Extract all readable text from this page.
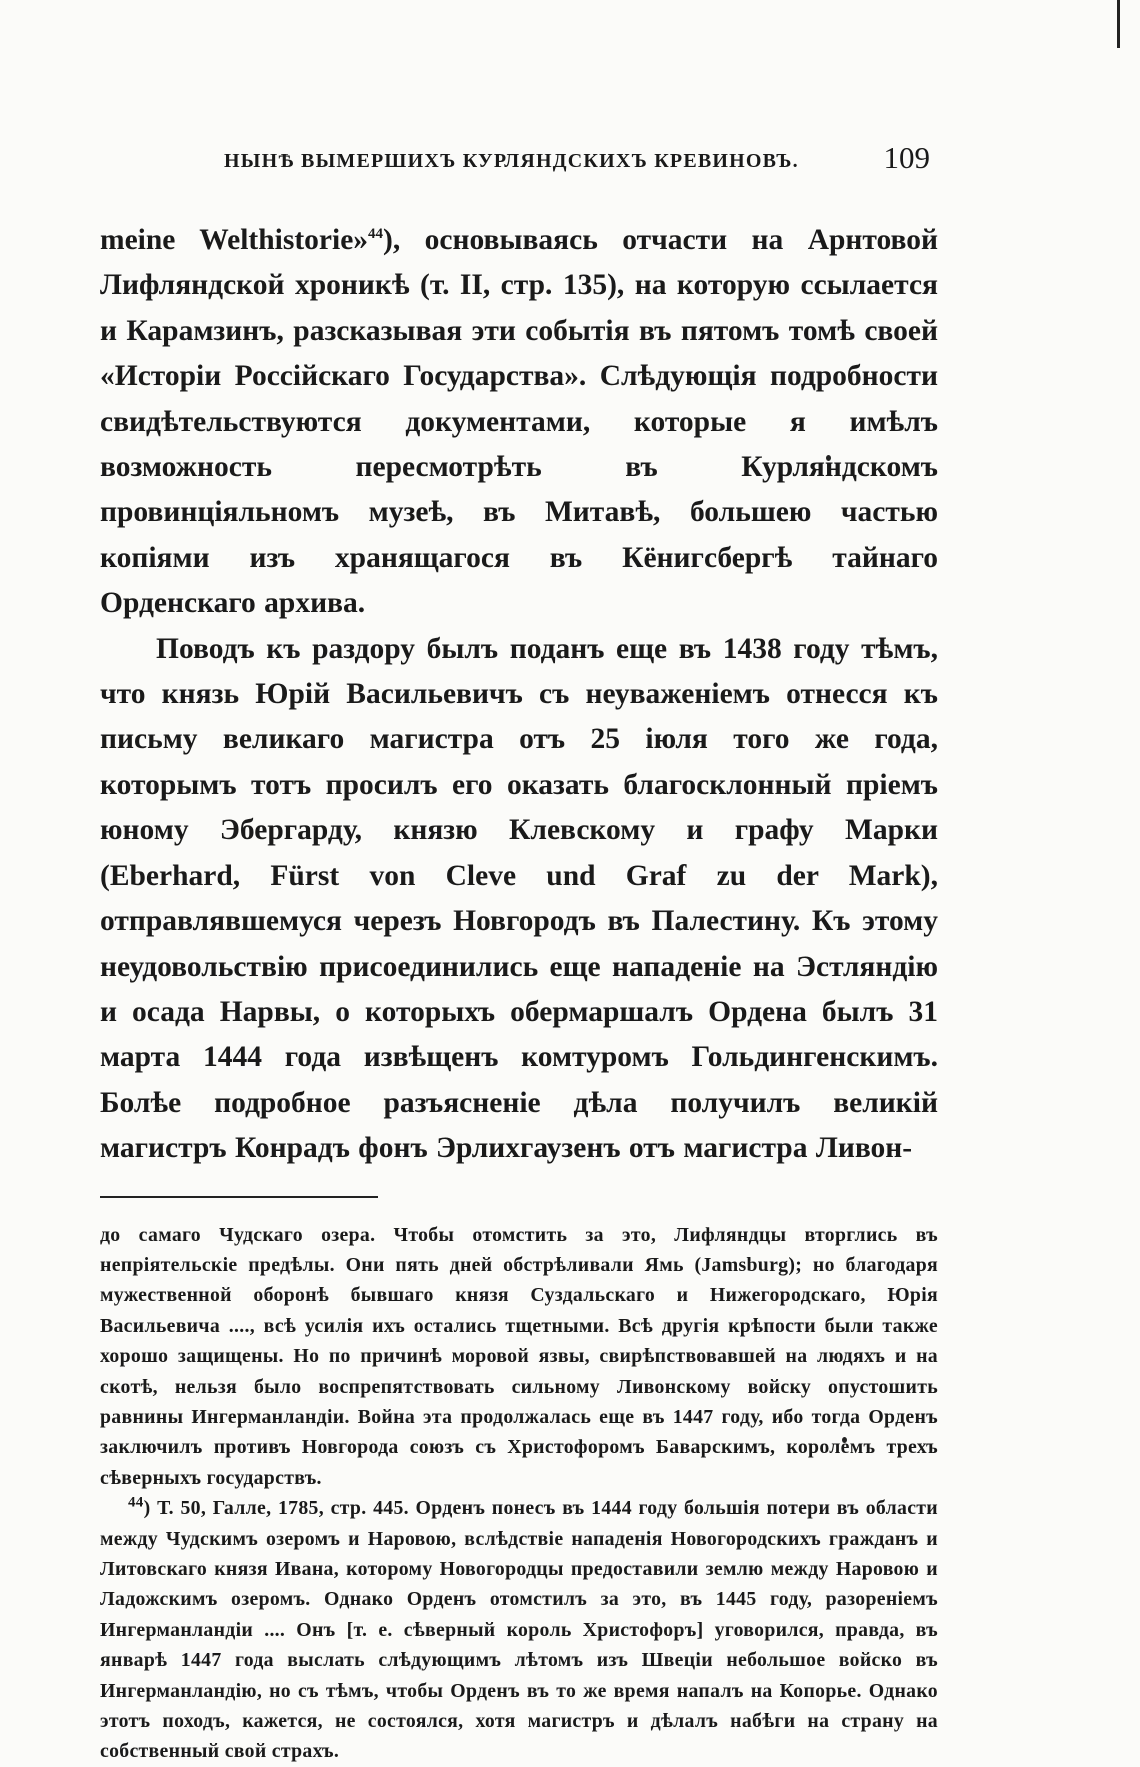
НЫНѢ ВЫМЕРШИХЪ КУРЛЯНДСКИХЪ КРЕВИНОВЪ.	109

meine Welthistorie»$^{44}$), основываясь отчасти на Арнтовой Лифляндской хроникѣ (т. II, стр. 135), на которую ссылается и Карамзинъ, разсказывая эти событія въ пятомъ томѣ своей «Исторіи Россійскаго Государства». Слѣдующія подробности свидѣтельствуются документами, которые я имѣлъ возможность пересмотрѣть въ Курляндскомъ провинціяльномъ музеѣ, въ Митавѣ, большею частью копіями изъ хранящагося въ Кёнигсбергѣ тайнаго Орденскаго архива.

Поводъ къ раздору былъ поданъ еще въ 1438 году тѣмъ, что князь Юрій Васильевичъ съ неуваженіемъ отнесся къ письму великаго магистра отъ 25 іюля того же года, которымъ тотъ просилъ его оказать благосклонный пріемъ юному Эбергарду, князю Клевскому и графу Марки (Eberhard, Fürst von Cleve und Graf zu der Mark), отправлявшемуся черезъ Новгородъ въ Палестину. Къ этому неудовольствію присоединились еще нападеніе на Эстляндію и осада Нарвы, о которыхъ обермаршалъ Ордена былъ 31 марта 1444 года извѣщенъ комтуромъ Гольдингенскимъ. Болѣе подробное разъясненіе дѣла получилъ великій магистръ Конрадъ фонъ Эрлихгаузенъ отъ магистра Ливон-

до самаго Чудскаго озера. Чтобы отомстить за это, Лифляндцы вторглись въ непріятельскіе предѣлы. Они пять дней обстрѣливали Ямь (Jamsburg); но благодаря мужественной оборонѣ бывшаго князя Суздальскаго и Нижегородскаго, Юрія Васильевича ...., всѣ усилія ихъ остались тщетными. Всѣ другія крѣпости были также хорошо защищены. Но по причинѣ моровой язвы, свирѣпствовавшей на людяхъ и на скотѣ, нельзя было воспрепятствовать сильному Ливонскому войску опустошить равнины Ингерманландіи. Война эта продолжалась еще въ 1447 году, ибо тогда Орденъ заключилъ противъ Новгорода союзъ съ Христофоромъ Баварскимъ, королемъ трехъ сѣверныхъ государствъ.

$^{44}$) Т. 50, Галле, 1785, стр. 445. Орденъ понесъ въ 1444 году большія потери въ области между Чудскимъ озеромъ и Наровою, вслѣдствіе нападенія Новогородскихъ гражданъ и Литовскаго князя Ивана, которому Новогородцы предоставили землю между Наровою и Ладожскимъ озеромъ. Однако Орденъ отомстилъ за это, въ 1445 году, разореніемъ Ингерманландіи .... Онъ [т. е. сѣверный король Христофоръ] уговорился, правда, въ январѣ 1447 года выслать слѣдующимъ лѣтомъ изъ Швеціи небольшое войско въ Ингерманландію, но съ тѣмъ, чтобы Орденъ въ то же время напалъ на Копорье. Однако этотъ походъ, кажется, не состоялся, хотя магистръ и дѣлалъ набѣги на страну на собственный свой страхъ.
